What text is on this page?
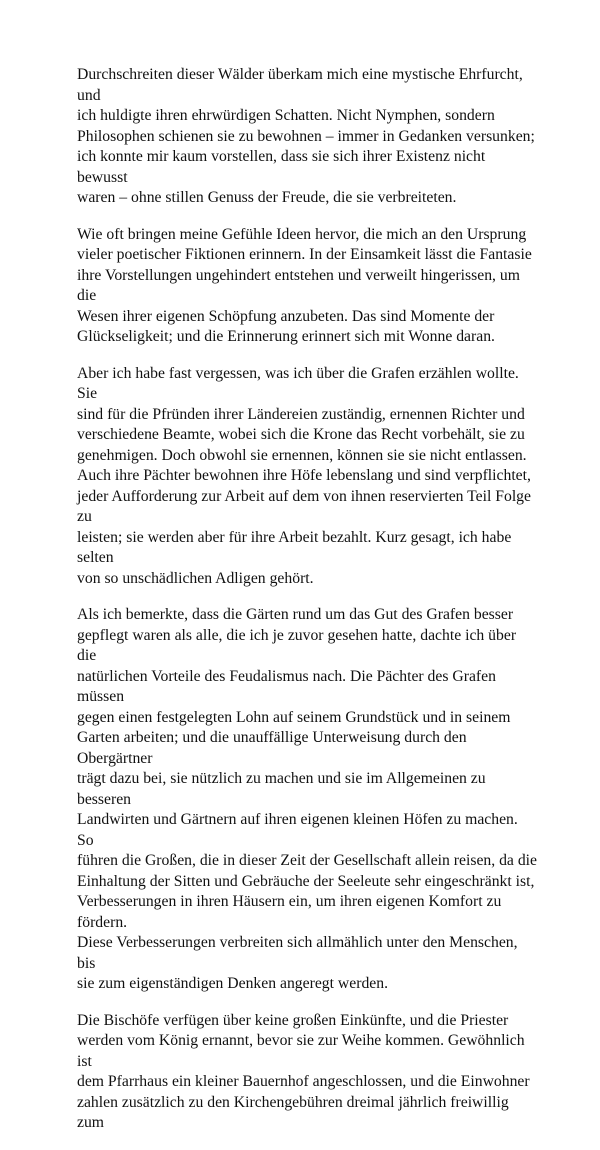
Durchschreiten dieser Wälder überkam mich eine mystische Ehrfurcht, und
ich huldigte ihren ehrwürdigen Schatten. Nicht Nymphen, sondern
Philosophen schienen sie zu bewohnen – immer in Gedanken versunken;
ich konnte mir kaum vorstellen, dass sie sich ihrer Existenz nicht bewusst
waren – ohne stillen Genuss der Freude, die sie verbreiteten.

Wie oft bringen meine Gefühle Ideen hervor, die mich an den Ursprung
vieler poetischer Fiktionen erinnern. In der Einsamkeit lässt die Fantasie
ihre Vorstellungen ungehindert entstehen und verweilt hingerissen, um die
Wesen ihrer eigenen Schöpfung anzubeten. Das sind Momente der
Glückseligkeit; und die Erinnerung erinnert sich mit Wonne daran.

Aber ich habe fast vergessen, was ich über die Grafen erzählen wollte. Sie
sind für die Pfründen ihrer Ländereien zuständig, ernennen Richter und
verschiedene Beamte, wobei sich die Krone das Recht vorbehält, sie zu
genehmigen. Doch obwohl sie ernennen, können sie sie nicht entlassen.
Auch ihre Pächter bewohnen ihre Höfe lebenslang und sind verpflichtet,
jeder Aufforderung zur Arbeit auf dem von ihnen reservierten Teil Folge zu
leisten; sie werden aber für ihre Arbeit bezahlt. Kurz gesagt, ich habe selten
von so unschädlichen Adligen gehört.

Als ich bemerkte, dass die Gärten rund um das Gut des Grafen besser
gepflegt waren als alle, die ich je zuvor gesehen hatte, dachte ich über die
natürlichen Vorteile des Feudalismus nach. Die Pächter des Grafen müssen
gegen einen festgelegten Lohn auf seinem Grundstück und in seinem
Garten arbeiten; und die unauffällige Unterweisung durch den Obergärtner
trägt dazu bei, sie nützlich zu machen und sie im Allgemeinen zu besseren
Landwirten und Gärtnern auf ihren eigenen kleinen Höfen zu machen. So
führen die Großen, die in dieser Zeit der Gesellschaft allein reisen, da die
Einhaltung der Sitten und Gebräuche der Seeleute sehr eingeschränkt ist,
Verbesserungen in ihren Häusern ein, um ihren eigenen Komfort zu fördern.
Diese Verbesserungen verbreiten sich allmählich unter den Menschen, bis
sie zum eigenständigen Denken angeregt werden.

Die Bischöfe verfügen über keine großen Einkünfte, und die Priester
werden vom König ernannt, bevor sie zur Weihe kommen. Gewöhnlich ist
dem Pfarrhaus ein kleiner Bauernhof angeschlossen, und die Einwohner
zahlen zusätzlich zu den Kirchengebühren dreimal jährlich freiwillig zum
